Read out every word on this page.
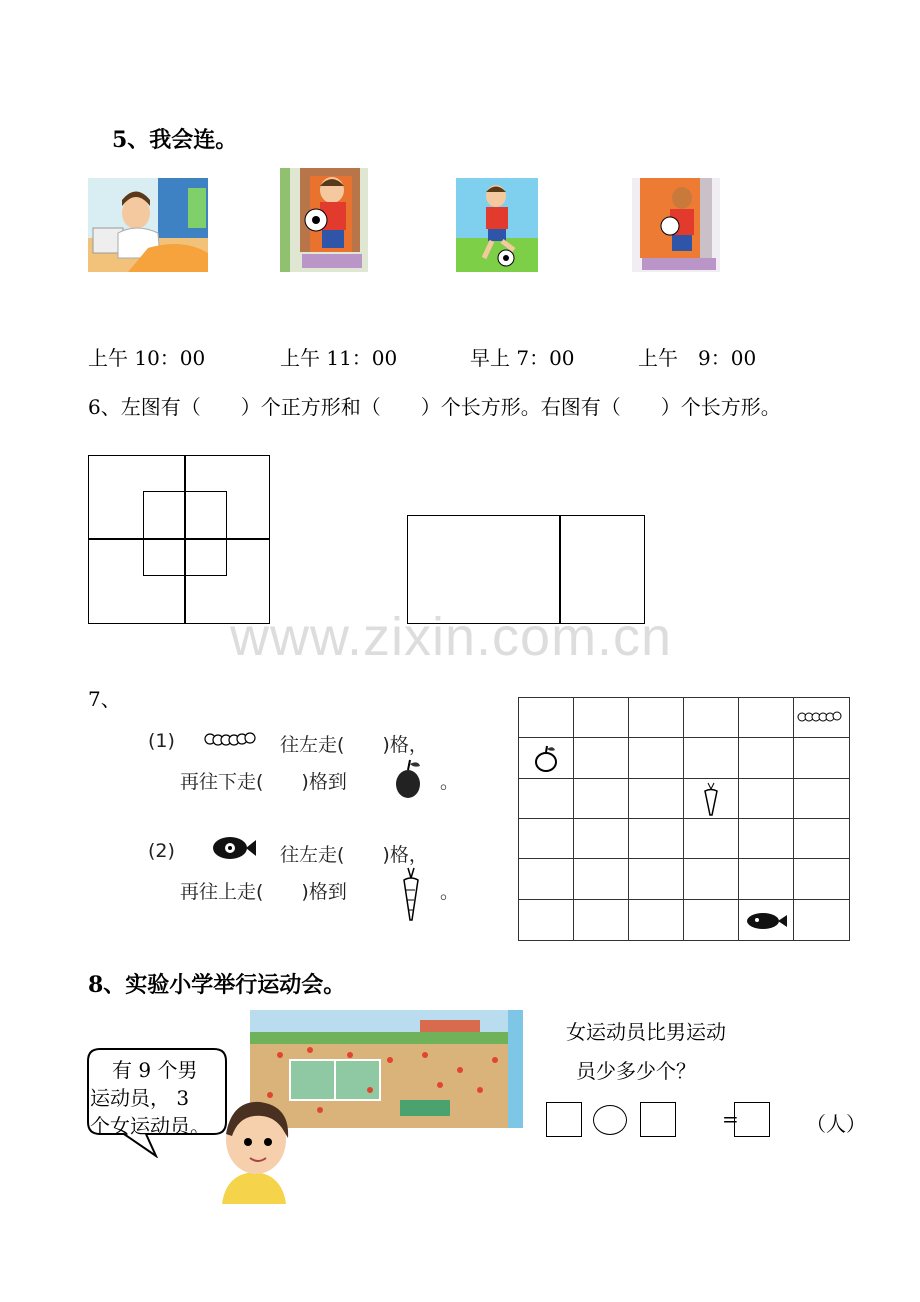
5、我会连。
上午 10：00	上午 11：00	早上 7：00	上午　9：00
6、左图有（　　）个正方形和（　　）个长方形。右图有（　　）个长方形。
www.zixin.com.cn
7、
(1)	往左走(　　)格，
再往下走(　　)格到	。
(2)	往左走(　　)格，
再往上走(　　)格到	。
8、实验小学举行运动会。
有 9 个男
运动员， 3
个女运动员。
女运动员比男运动
员少多少个？
=	（人）
